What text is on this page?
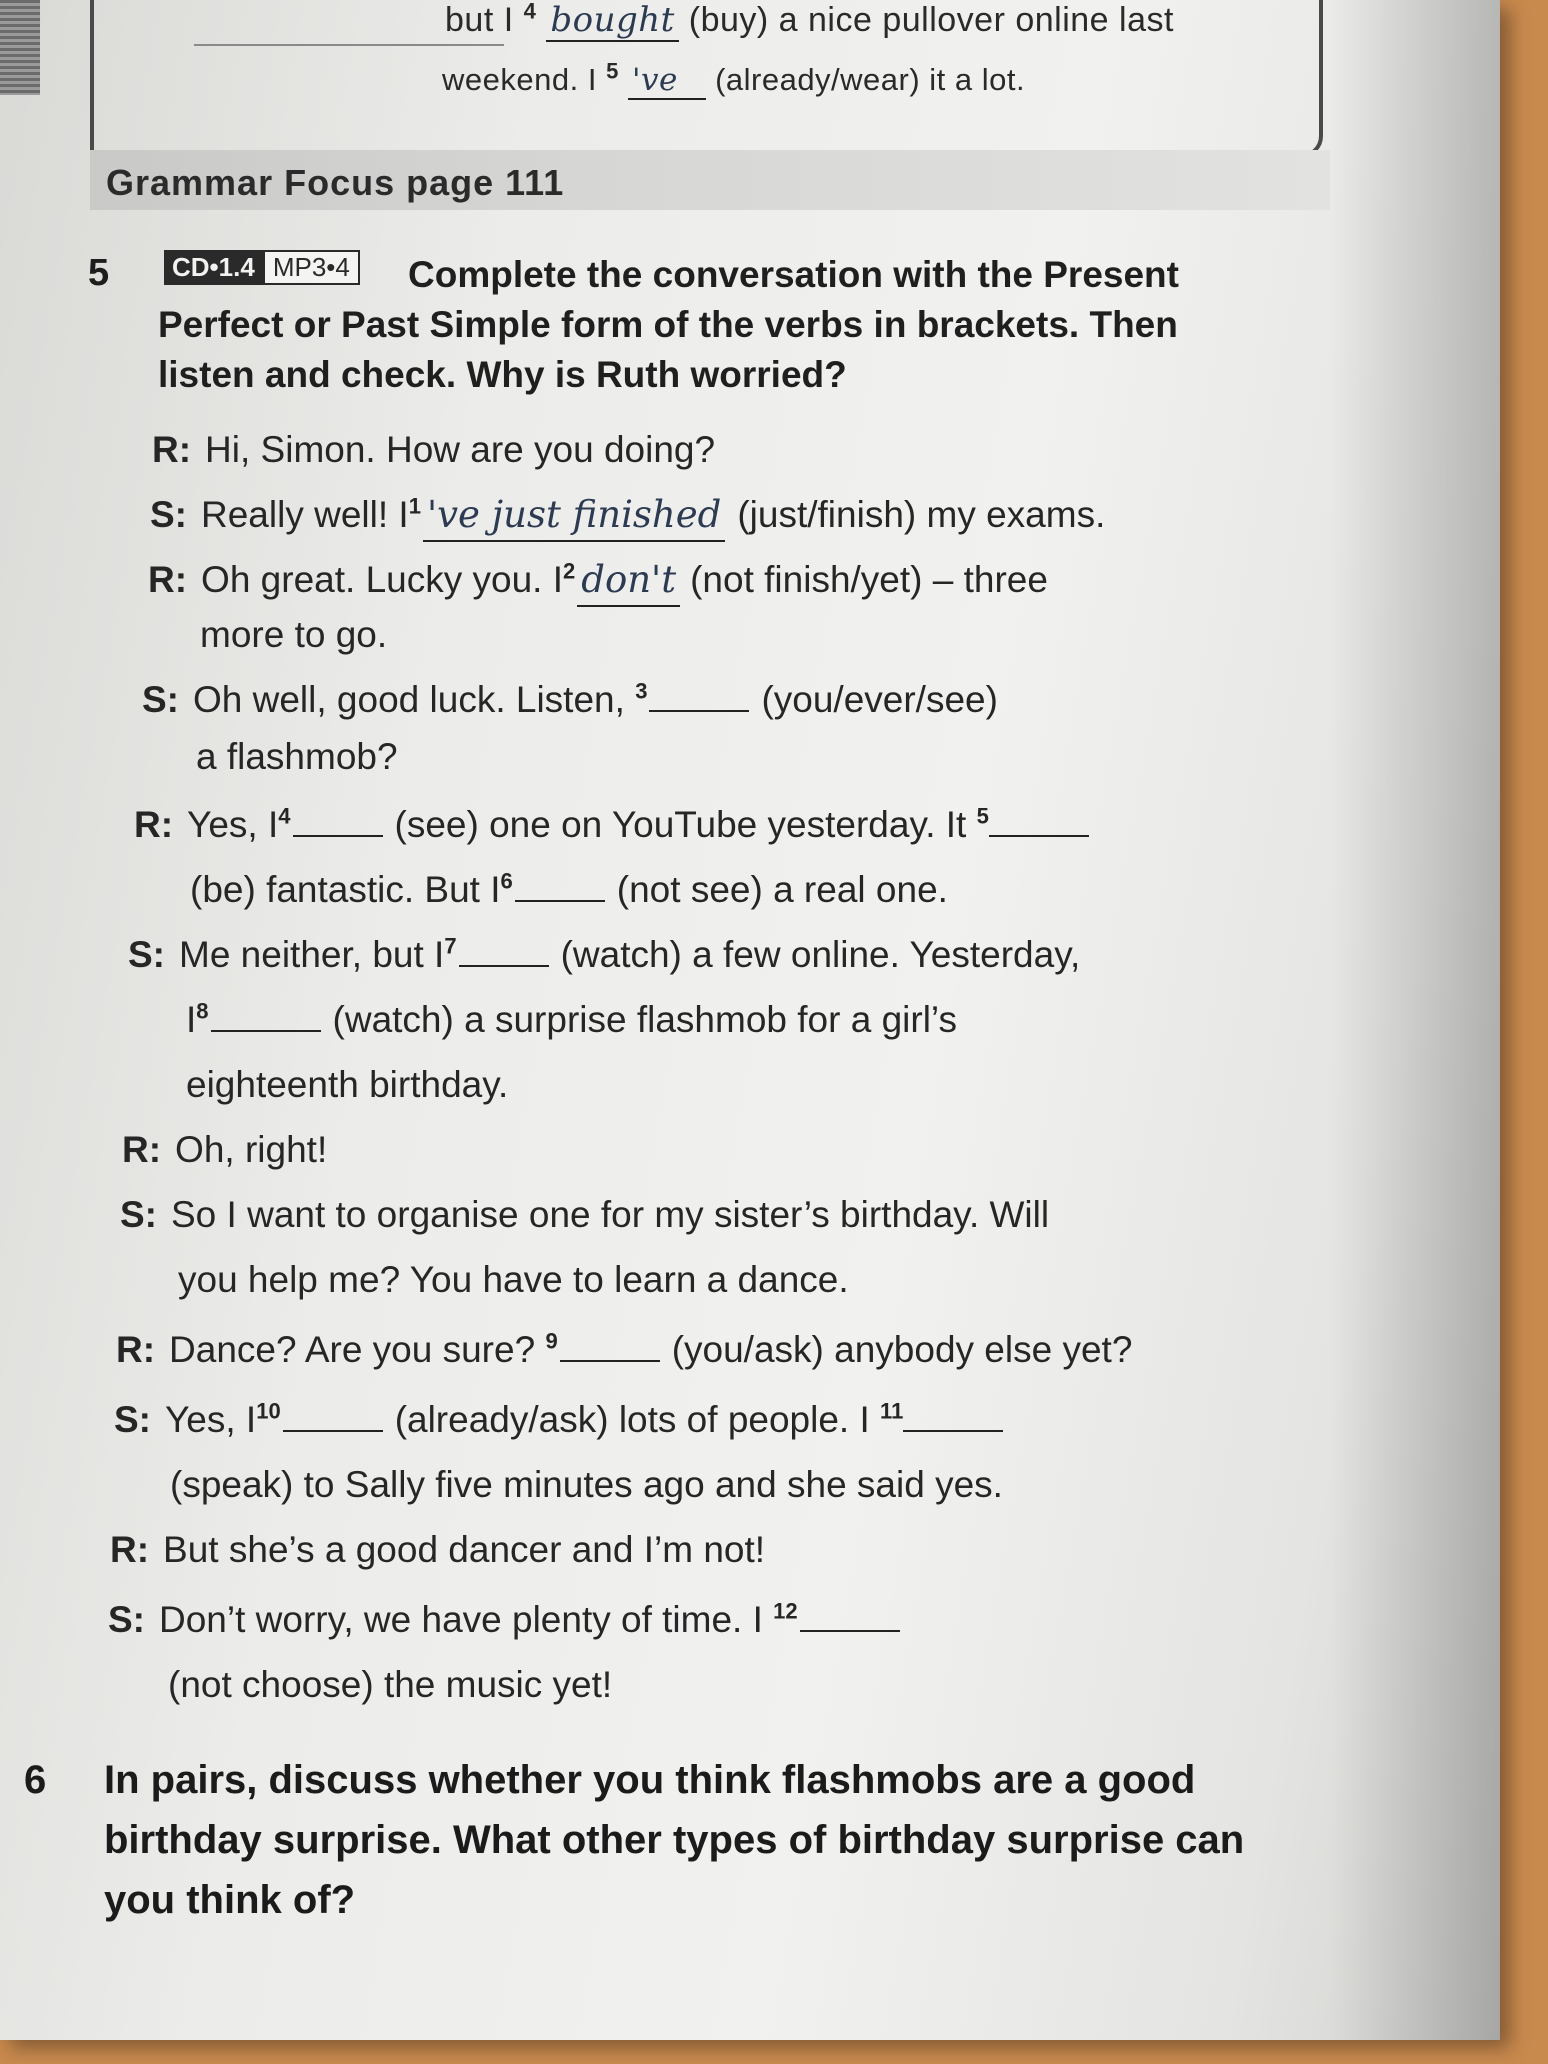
but I $^4$ bought (buy) a nice pullover online last
weekend. I $^5$ 've (already/wear) it a lot.
Grammar Focus page 111
5	CD•1.4 MP3•4	Complete the conversation with the Present Perfect or Past Simple form of the verbs in brackets. Then listen and check. Why is Ruth worried?
R: Hi, Simon. How are you doing?
S: Really well! $I^1$ 've just finished (just/finish) my exams.
R: Oh great. Lucky you. $I^2$ don't (not finish/yet) – three
more to go.
S: Oh well, good luck. Listen, $^3$	(you/ever/see)
a flashmob?
R: Yes, $I^4$	(see) one on YouTube yesterday. It $^5$
(be) fantastic. But $I^6$	(not see) a real one.
S: Me neither, but $I^7$	(watch) a few online. Yesterday,
$I^8$	(watch) a surprise flashmob for a girl’s
eighteenth birthday.
R: Oh, right!
S: So I want to organise one for my sister’s birthday. Will
you help me? You have to learn a dance.
R: Dance? Are you sure? $^9$	(you/ask) anybody else yet?
S: Yes, $I^{10}$	(already/ask) lots of people. I $^{11}$
(speak) to Sally five minutes ago and she said yes.
R: But she’s a good dancer and I’m not!
S: Don’t worry, we have plenty of time. I $^{12}$
(not choose) the music yet!
6 In pairs, discuss whether you think flashmobs are a good birthday surprise. What other types of birthday surprise can you think of?
